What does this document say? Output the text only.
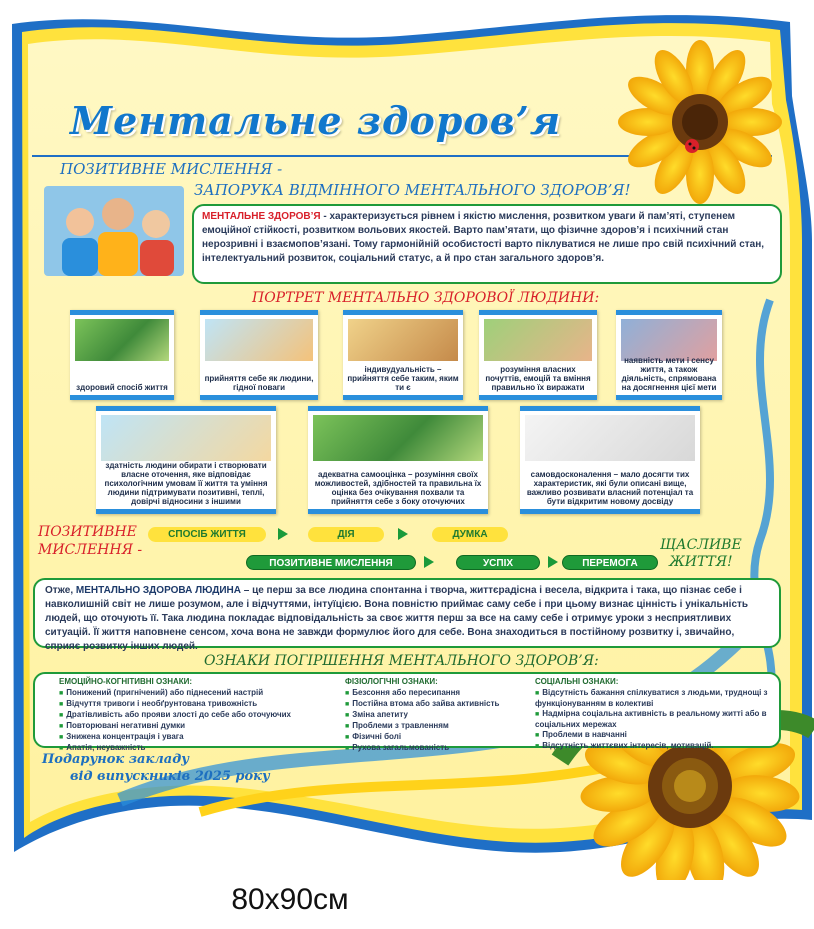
Ментальне здоров’я
ПОЗИТИВНЕ МИСЛЕННЯ -
ЗАПОРУКА ВІДМІННОГО МЕНТАЛЬНОГО ЗДОРОВ’Я!
МЕНТАЛЬНЕ ЗДОРОВ’Я - характеризується рівнем і якістю мислення, розвитком уваги й пам’яті, ступенем емоційної стійкості, розвитком вольових якостей. Варто пам’ятати, що фізичне здоров’я і психічний стан нерозривні і взаємопов’язані. Тому гармонійній особистості варто піклуватися не лише про свій психічний стан, інтелектуальний розвиток, соціальний статус, а й про стан загального здоров’я.
ПОРТРЕТ МЕНТАЛЬНО ЗДОРОВОЇ ЛЮДИНИ:
здоровий спосіб життя
прийняття себе як людини, гідної поваги
індивудуальність – прийняття себе таким, яким ти є
розуміння власних почуттів, емоцій та вміння правильно їх виражати
наявність мети і сенсу життя, а також діяльність, спрямована на досягнення цієї мети
здатність людини обирати і створювати власне оточення, яке відповідає психологічним умовам її життя та уміння людини підтримувати позитивні, теплі, довірчі відносини з іншими
адекватна самооцінка – розуміння своїх можливостей, здібностей та правильна їх оцінка без очікування похвали та прийняття себе з боку оточуючих
самовдосконалення – мало досягти тих характеристик, які були описані вище, важливо розвивати власний потенціал та бути відкритим новому досвіду
ПОЗИТИВНЕ
МИСЛЕННЯ -
СПОСІБ ЖИТТЯ	ДІЯ	ДУМКА
ПОЗИТИВНЕ МИСЛЕННЯ	УСПІХ	ПЕРЕМОГА
ЩАСЛИВЕ
ЖИТТЯ!
Отже, МЕНТАЛЬНО ЗДОРОВА ЛЮДИНА – це перш за все людина спонтанна і творча, життєрадісна і весела, відкрита і така, що пізнає себе і навколишній світ не лише розумом, але і відчуттями, інтуїцією. Вона повністю приймає саму себе і при цьому визнає цінність і унікальність людей, що оточують її. Така людина покладає відповідальність за своє життя перш за все на саму себе і отримує уроки з несприятливих ситуацій. Її життя наповнене сенсом, хоча вона не завжди формулює його для себе. Вона знаходиться в постійному розвитку і, звичайно, сприяє розвитку інших людей.
ОЗНАКИ ПОГІРШЕННЯ МЕНТАЛЬНОГО ЗДОРОВ’Я:
ЕМОЦІЙНО-КОГНІТИВНІ ОЗНАКИ:
■ Понижений (пригнічений) або піднесений настрій
■ Відчуття тривоги і необґрунтована тривожність
■ Дратівливість або прояви злості до себе або оточуючих
■ Повторювані негативні думки
■ Знижена концентрація і увага
■ Апатія, неуважність
ФІЗІОЛОГІЧНІ ОЗНАКИ:
■ Безсоння або пересипання
■ Постійна втома або зайва активність
■ Зміна апетиту
■ Проблеми з травленням
■ Фізичні болі
■ Рухова загальмованість
СОЦІАЛЬНІ ОЗНАКИ:
■ Відсутність бажання спілкуватися з людьми, труднощі з функціонуванням в колективі
■ Надмірна соціальна активність в реальному житті або в соціальних мережах
■ Проблеми в навчанні
■ Відсутність життєвих інтересів, мотивацій.
Подарунок закладу
від випускників 2025 року
80x90см
